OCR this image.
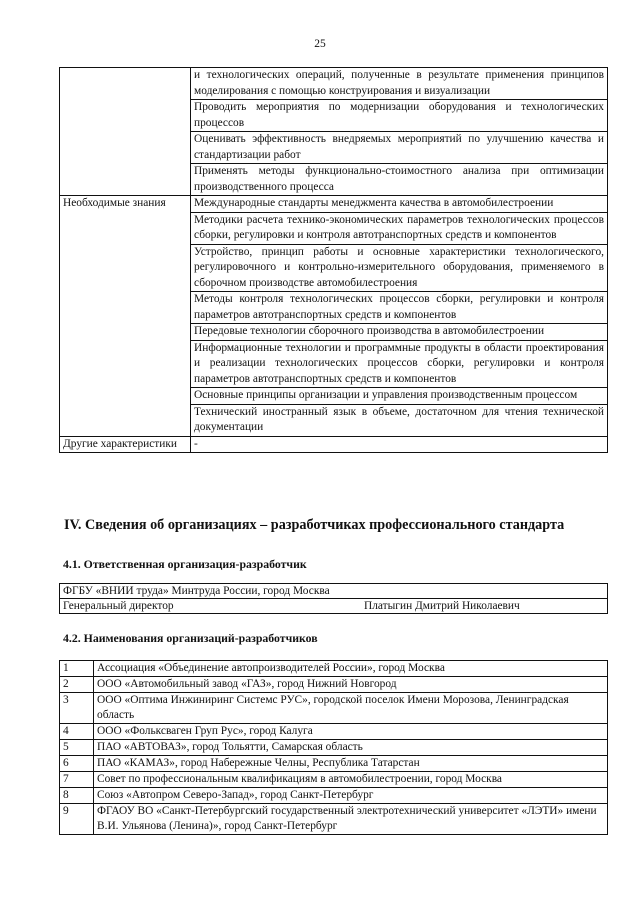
25
	и технологических операций, полученные в результате применения принципов моделирования с помощью конструирования и визуализации
	Проводить мероприятия по модернизации оборудования и технологических процессов
	Оценивать эффективность внедряемых мероприятий по улучшению качества и стандартизации работ
	Применять методы функционально-стоимостного анализа при оптимизации производственного процесса
Необходимые знания	Международные стандарты менеджмента качества в автомобилестроении
	Методики расчета технико-экономических параметров технологических процессов сборки, регулировки и контроля автотранспортных средств и компонентов
	Устройство, принцип работы и основные характеристики технологического, регулировочного и контрольно-измерительного оборудования, применяемого в сборочном производстве автомобилестроения
	Методы контроля технологических процессов сборки, регулировки и контроля параметров автотранспортных средств и компонентов
	Передовые технологии сборочного производства в автомобилестроении
	Информационные технологии и программные продукты в области проектирования и реализации технологических процессов сборки, регулировки и контроля параметров автотранспортных средств и компонентов
	Основные принципы организации и управления производственным процессом
	Технический иностранный язык в объеме, достаточном для чтения технической документации
Другие характеристики	-
IV. Сведения об организациях – разработчиках профессионального стандарта
4.1. Ответственная организация-разработчик
ФГБУ «ВНИИ труда» Минтруда России, город Москва
Генеральный директор	Платыгин Дмитрий Николаевич
4.2. Наименования организаций-разработчиков
1	Ассоциация «Объединение автопроизводителей России», город Москва
2	ООО «Автомобильный завод «ГАЗ», город Нижний Новгород
3	ООО «Оптима Инжиниринг Системс РУС», городской поселок Имени Морозова, Ленинградская область
4	ООО «Фольксваген Груп Рус», город Калуга
5	ПАО «АВТОВАЗ», город Тольятти, Самарская область
6	ПАО «КАМАЗ», город Набережные Челны, Республика Татарстан
7	Совет по профессиональным квалификациям в автомобилестроении, город Москва
8	Союз «Автопром Северо-Запад», город Санкт-Петербург
9	ФГАОУ ВО «Санкт-Петербургский государственный электротехнический университет «ЛЭТИ» имени В.И. Ульянова (Ленина)», город Санкт-Петербург
